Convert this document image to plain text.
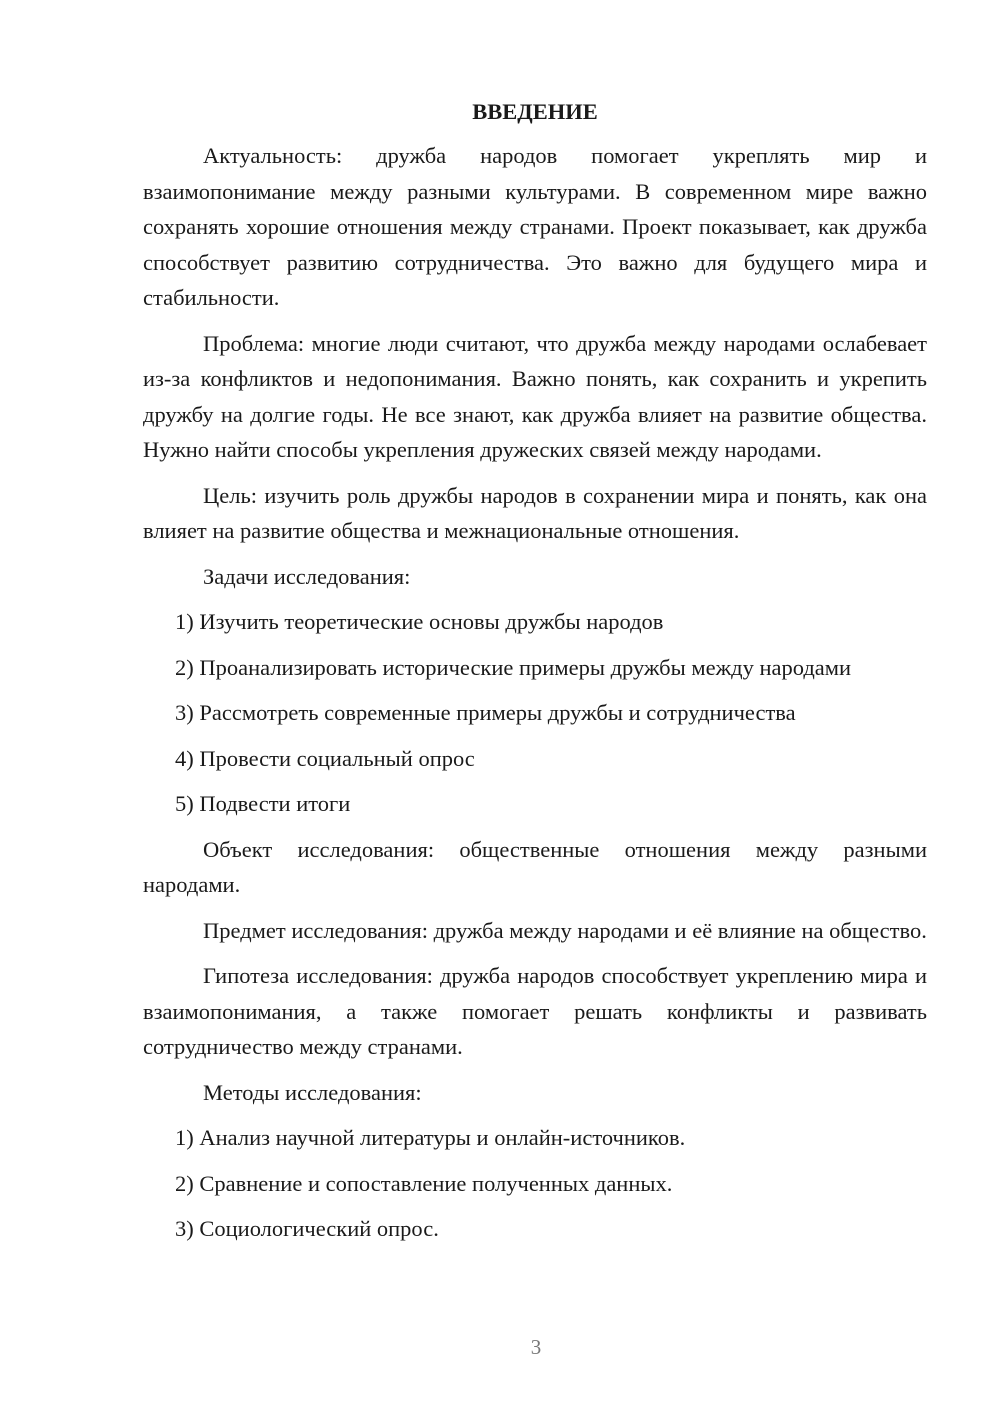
ВВЕДЕНИЕ

Актуальность: дружба народов помогает укреплять мир и взаимопонимание между разными культурами. В современном мире важно сохранять хорошие отношения между странами. Проект показывает, как дружба способствует развитию сотрудничества. Это важно для будущего мира и стабильности.

Проблема: многие люди считают, что дружба между народами ослабевает из-за конфликтов и недопонимания. Важно понять, как сохранить и укрепить дружбу на долгие годы. Не все знают, как дружба влияет на развитие общества. Нужно найти способы укрепления дружеских связей между народами.

Цель: изучить роль дружбы народов в сохранении мира и понять, как она влияет на развитие общества и межнациональные отношения.

Задачи исследования:
1) Изучить теоретические основы дружбы народов
2) Проанализировать исторические примеры дружбы между народами
3) Рассмотреть современные примеры дружбы и сотрудничества
4) Провести социальный опрос
5) Подвести итоги

Объект исследования: общественные отношения между разными народами.

Предмет исследования: дружба между народами и её влияние на общество.

Гипотеза исследования: дружба народов способствует укреплению мира и взаимопонимания, а также помогает решать конфликты и развивать сотрудничество между странами.

Методы исследования:
1) Анализ научной литературы и онлайн-источников.
2) Сравнение и сопоставление полученных данных.
3) Социологический опрос.
3
